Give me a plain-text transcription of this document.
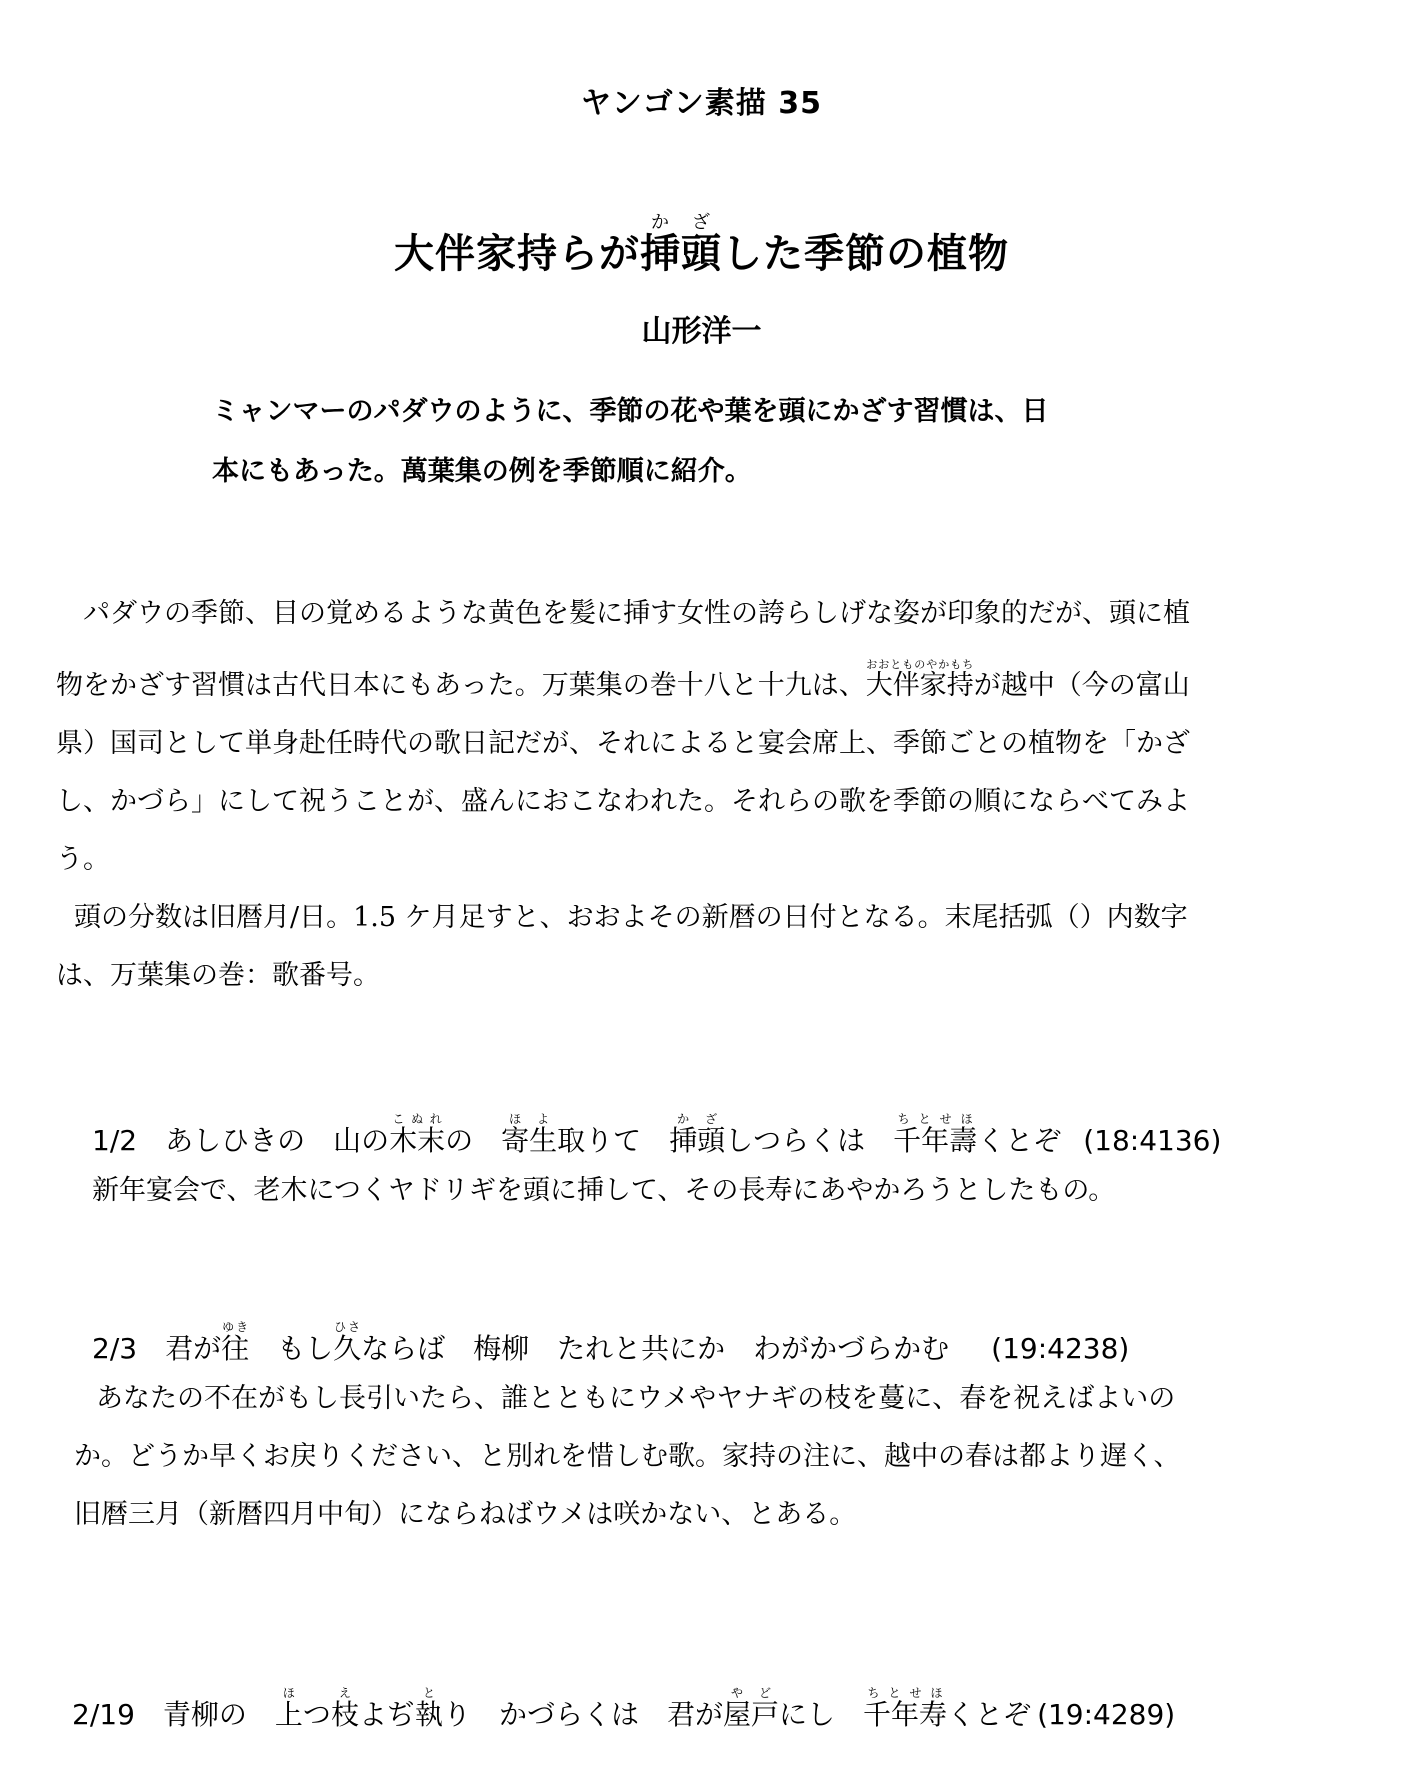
ヤンゴン素描 35
大伴家持らが挿頭かざした季節の植物
山形洋一
ミャンマーのパダウのように、季節の花や葉を頭にかざす習慣は、日
本にもあった。萬葉集の例を季節順に紹介。
パダウの季節、目の覚めるような黄色を髪に挿す女性の誇らしげな姿が印象的だが、頭に植
物をかざす習慣は古代日本にもあった。万葉集の巻十八と十九は、大伴家持おおとものやかもちが越中（今の富山
県）国司として単身赴任時代の歌日記だが、それによると宴会席上、季節ごとの植物を「かざ
し、かづら」にして祝うことが、盛んにおこなわれた。それらの歌を季節の順にならべてみよ
う。
頭の分数は旧暦月/日。1.5 ケ月足すと、おおよその新暦の日付となる。末尾括弧（）内数字
は、万葉集の巻：歌番号。
1/2 あしひきの　山の木末こぬれの　寄生ほよ取りて　挿頭かざしつらくは　千年壽ちとせほくとぞ (18:4136)
新年宴会で、老木につくヤドリギを頭に挿して、その長寿にあやかろうとしたもの。
2/3 君が往ゆき　もし久ひさならば　梅柳　たれと共にか　わがかづらかむ (19:4238)
あなたの不在がもし長引いたら、誰とともにウメやヤナギの枝を蔓に、春を祝えばよいの
か。どうか早くお戻りください、と別れを惜しむ歌。家持の注に、越中の春は都より遅く、
旧暦三月（新暦四月中旬）にならねばウメは咲かない、とある。
2/19 青柳の　上ほつ枝えよぢ執とり　かづらくは　君が屋戸やどにし　千年寿ちとせほくとぞ (19:4289)
